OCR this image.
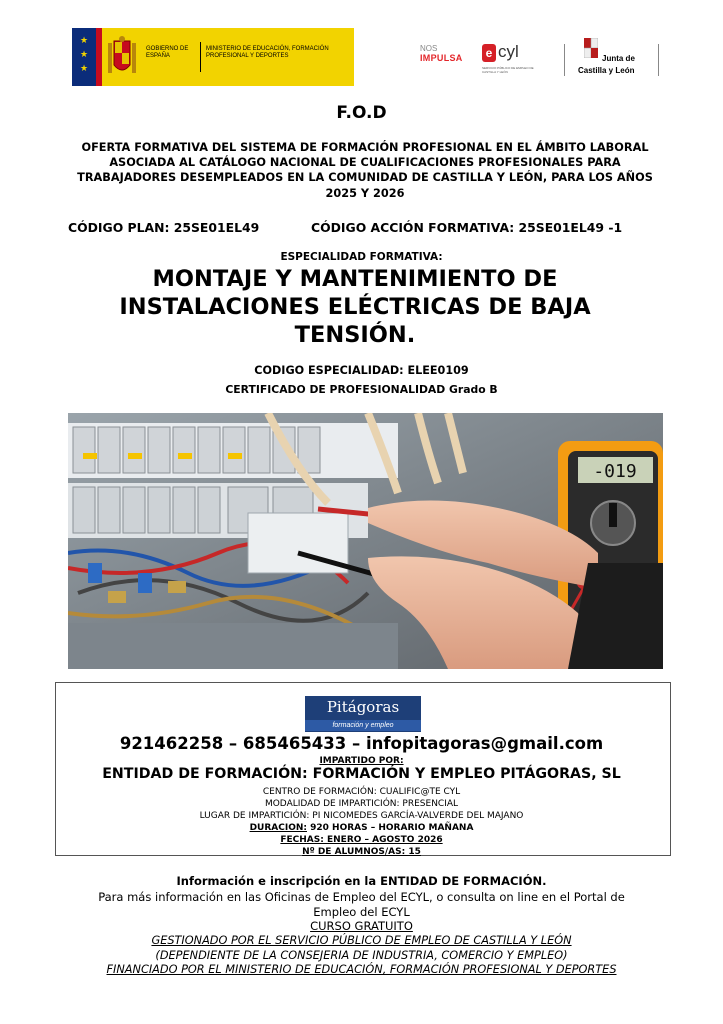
★
★
★
GOBIERNO DE ESPAÑA
MINISTERIO DE EDUCACIÓN, FORMACIÓN PROFESIONAL Y DEPORTES
NOS
IMPULSA	e cyl
SERVICIO PÚBLICO DE EMPLEO DE CASTILLA Y LEÓN
Junta de
Castilla y León
F.O.D
OFERTA FORMATIVA DEL SISTEMA DE FORMACIÓN PROFESIONAL EN EL ÁMBITO LABORAL ASOCIADA AL CATÁLOGO NACIONAL DE CUALIFICACIONES PROFESIONALES PARA TRABAJADORES DESEMPLEADOS EN LA COMUNIDAD DE CASTILLA Y LEÓN, PARA LOS AÑOS 2025 Y 2026
CÓDIGO PLAN: 25SE01EL49	CÓDIGO ACCIÓN FORMATIVA: 25SE01EL49 -1
ESPECIALIDAD FORMATIVA:
MONTAJE Y MANTENIMIENTO DE INSTALACIONES ELÉCTRICAS DE BAJA TENSIÓN.
CODIGO ESPECIALIDAD: ELEE0109
CERTIFICADO DE PROFESIONALIDAD Grado B
-019
Pitágoras
formación y empleo
921462258 – 685465433 – infopitagoras@gmail.com
IMPARTIDO POR:
ENTIDAD DE FORMACIÓN: FORMACIÓN Y EMPLEO PITÁGORAS, SL
CENTRO DE FORMACIÓN: CUALIFIC@TE CYL
MODALIDAD DE IMPARTICIÓN: PRESENCIAL
LUGAR DE IMPARTICIÓN: PI NICOMEDES GARCÍA-VALVERDE DEL MAJANO
DURACION: 920 HORAS – HORARIO MAÑANA
FECHAS: ENERO – AGOSTO 2026
Nº DE ALUMNOS/AS: 15
Información e inscripción en la ENTIDAD DE FORMACIÓN.
Para más información en las Oficinas de Empleo del ECYL, o consulta on line en el Portal de Empleo del ECYL
CURSO GRATUITO
GESTIONADO POR EL SERVICIO PÚBLICO DE EMPLEO DE CASTILLA Y LEÓN
(DEPENDIENTE DE LA CONSEJERIA DE INDUSTRIA, COMERCIO Y EMPLEO)
FINANCIADO POR EL MINISTERIO DE EDUCACIÓN, FORMACIÓN PROFESIONAL Y DEPORTES
